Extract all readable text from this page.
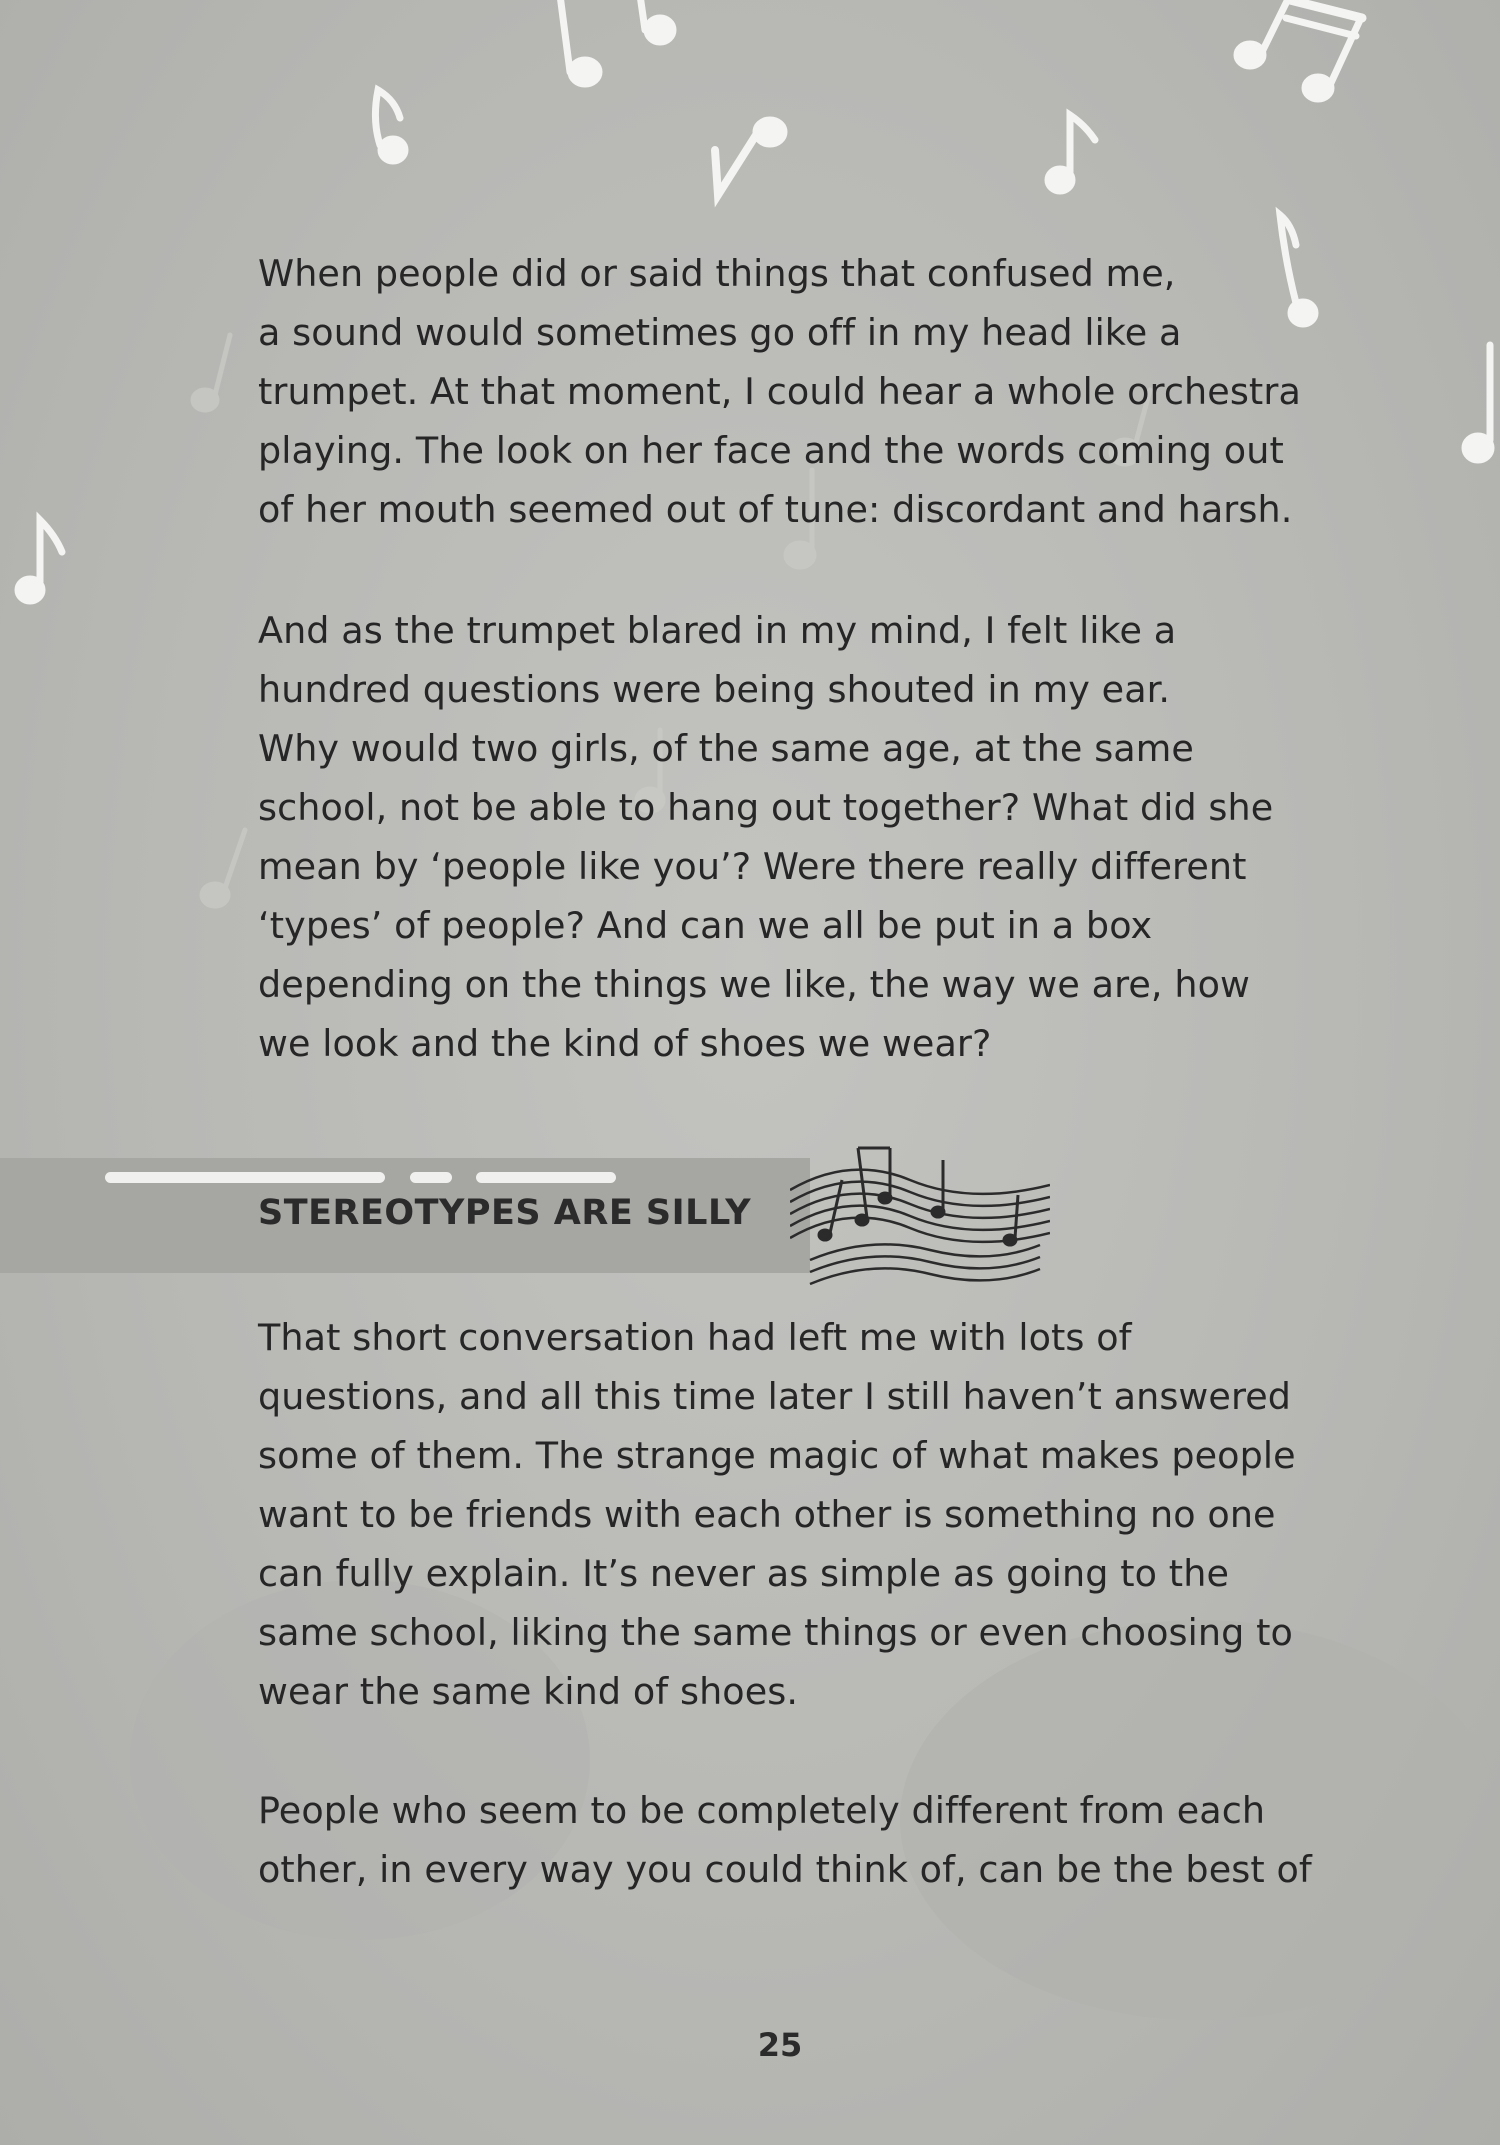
When people did or said things that confused me,
a sound would sometimes go off in my head like a
trumpet. At that moment, I could hear a whole orchestra
playing. The look on her face and the words coming out
of her mouth seemed out of tune: discordant and harsh.

And as the trumpet blared in my mind, I felt like a
hundred questions were being shouted in my ear.
Why would two girls, of the same age, at the same
school, not be able to hang out together? What did she
mean by ‘people like you’? Were there really different
‘types’ of people? And can we all be put in a box
depending on the things we like, the way we are, how
we look and the kind of shoes we wear?

STEREOTYPES ARE SILLY

That short conversation had left me with lots of
questions, and all this time later I still haven’t answered
some of them. The strange magic of what makes people
want to be friends with each other is something no one
can fully explain. It’s never as simple as going to the
same school, liking the same things or even choosing to
wear the same kind of shoes.

People who seem to be completely different from each
other, in every way you could think of, can be the best of

25
